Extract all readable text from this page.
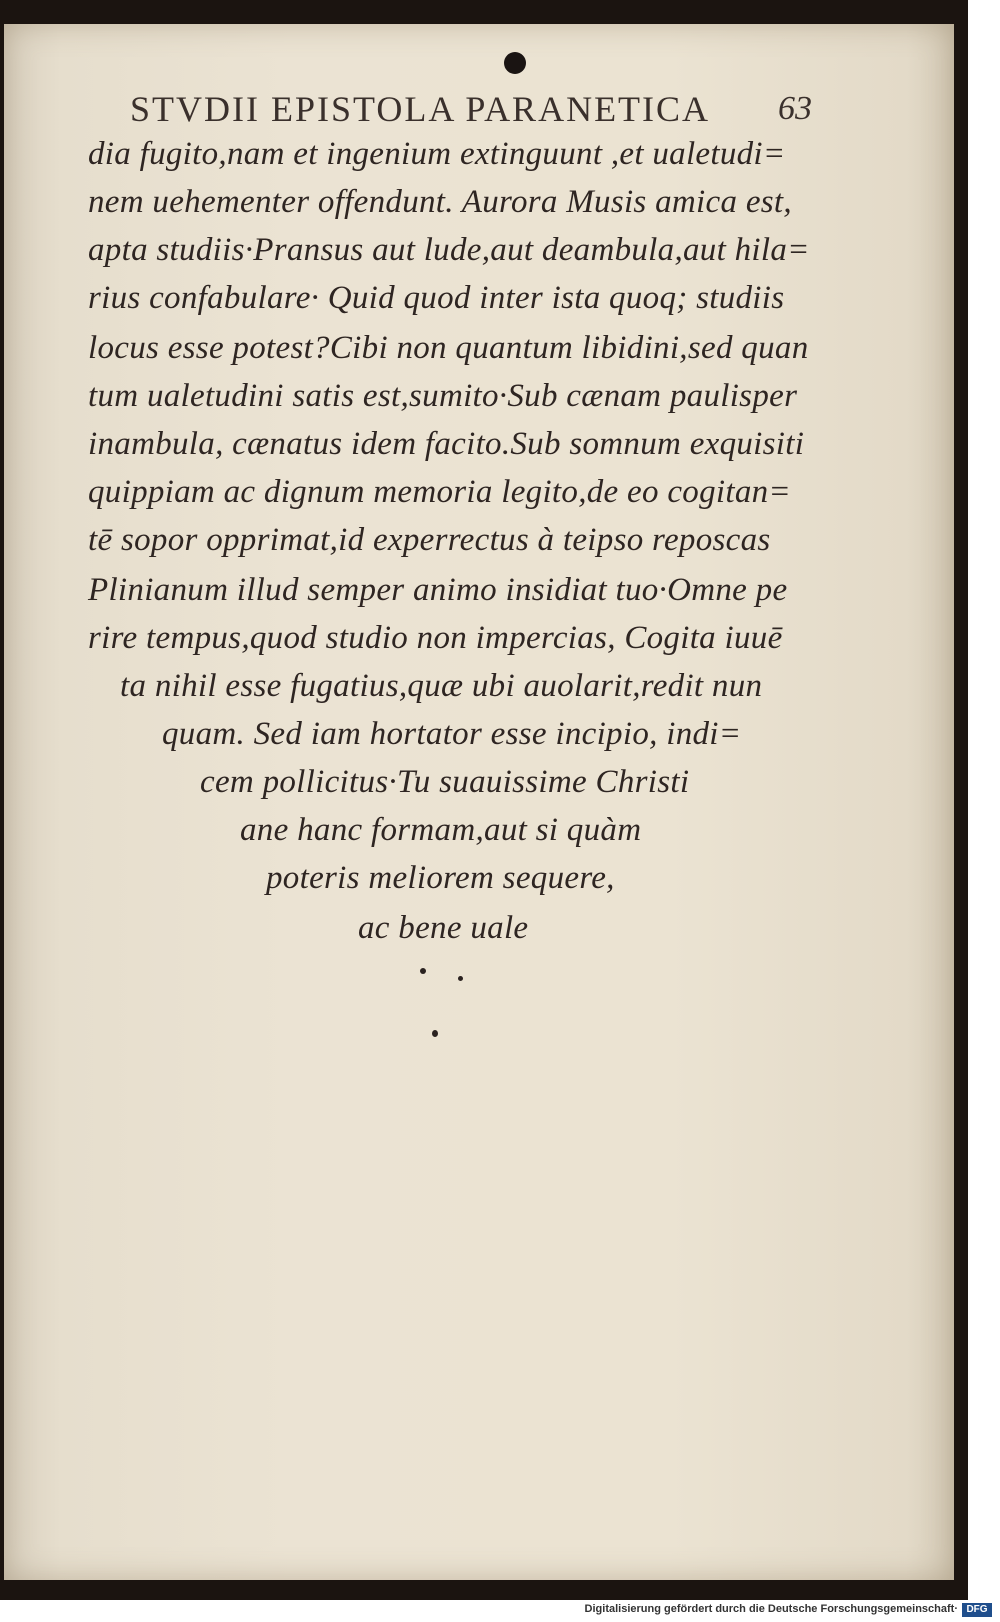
STVDII EPISTOLA PARANETICA	63
dia fugito,nam et ingenium extinguunt ,et ualetudi=
nem uehementer offendunt. Aurora Musis amica est,
apta studiis·Pransus aut lude,aut deambula,aut hila=
rius confabulare· Quid quod inter ista quoq; studiis
locus esse potest?Cibi non quantum libidini,sed quan
tum ualetudini satis est,sumito·Sub cænam paulisper
inambula, cænatus idem facito.Sub somnum exquisiti
quippiam ac dignum memoria legito,de eo cogitan=
tē sopor opprimat,id experrectus à teipso reposcas
Plinianum illud semper animo insidiat tuo·Omne pe
rire tempus,quod studio non impercias, Cogita iuuē
ta nihil esse fugatius,quæ ubi auolarit,redit nun
quam. Sed iam hortator esse incipio, indi=
cem pollicitus·Tu suauissime Christi
ane hanc formam,aut si quàm
poteris meliorem sequere,
ac bene uale
Digitalisierung gefördert durch die Deutsche Forschungsgemeinschaft· DFG
